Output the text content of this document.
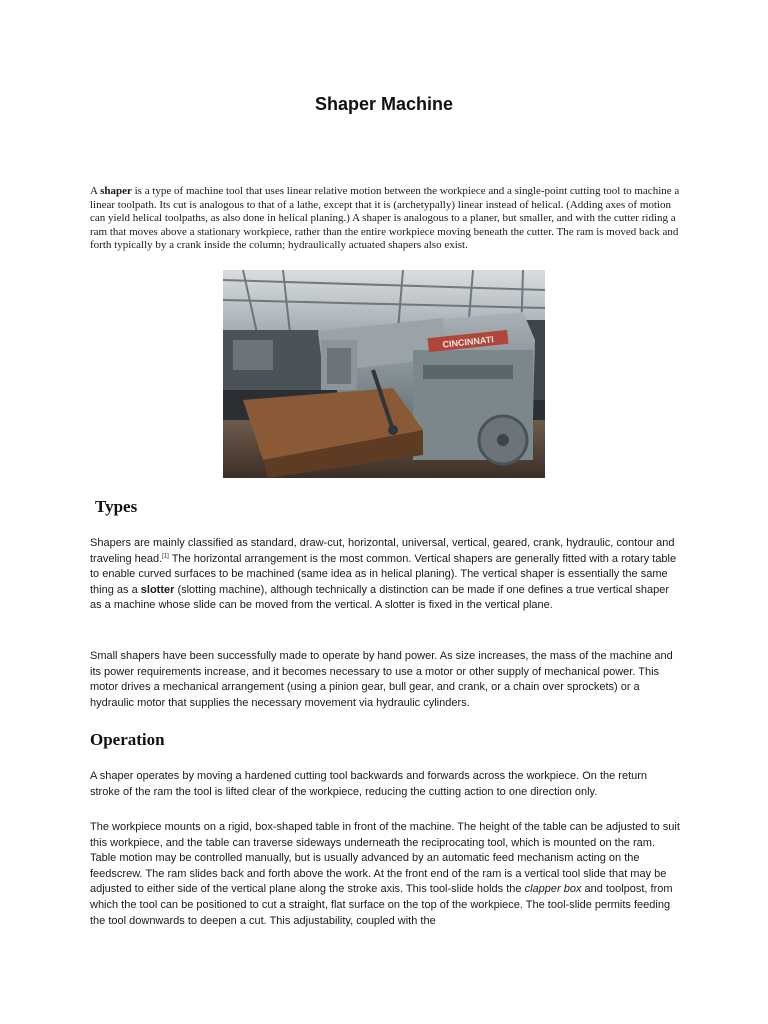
Shaper Machine

A shaper is a type of machine tool that uses linear relative motion between the workpiece and a single-point cutting tool to machine a linear toolpath. Its cut is analogous to that of a lathe, except that it is (archetypally) linear instead of helical. (Adding axes of motion can yield helical toolpaths, as also done in helical planing.) A shaper is analogous to a planer, but smaller, and with the cutter riding a ram that moves above a stationary workpiece, rather than the entire workpiece moving beneath the cutter. The ram is moved back and forth typically by a crank inside the column; hydraulically actuated shapers also exist.

CINCINNATI
Types

Shapers are mainly classified as standard, draw-cut, horizontal, universal, vertical, geared, crank, hydraulic, contour and traveling head.[1] The horizontal arrangement is the most common. Vertical shapers are generally fitted with a rotary table to enable curved surfaces to be machined (same idea as in helical planing). The vertical shaper is essentially the same thing as a slotter (slotting machine), although technically a distinction can be made if one defines a true vertical shaper as a machine whose slide can be moved from the vertical. A slotter is fixed in the vertical plane.

Small shapers have been successfully made to operate by hand power. As size increases, the mass of the machine and its power requirements increase, and it becomes necessary to use a motor or other supply of mechanical power. This motor drives a mechanical arrangement (using a pinion gear, bull gear, and crank, or a chain over sprockets) or a hydraulic motor that supplies the necessary movement via hydraulic cylinders.

Operation

A shaper operates by moving a hardened cutting tool backwards and forwards across the workpiece. On the return stroke of the ram the tool is lifted clear of the workpiece, reducing the cutting action to one direction only.

The workpiece mounts on a rigid, box-shaped table in front of the machine. The height of the table can be adjusted to suit this workpiece, and the table can traverse sideways underneath the reciprocating tool, which is mounted on the ram. Table motion may be controlled manually, but is usually advanced by an automatic feed mechanism acting on the feedscrew. The ram slides back and forth above the work. At the front end of the ram is a vertical tool slide that may be adjusted to either side of the vertical plane along the stroke axis. This tool-slide holds the clapper box and toolpost, from which the tool can be positioned to cut a straight, flat surface on the top of the workpiece. The tool-slide permits feeding the tool downwards to deepen a cut. This adjustability, coupled with the
